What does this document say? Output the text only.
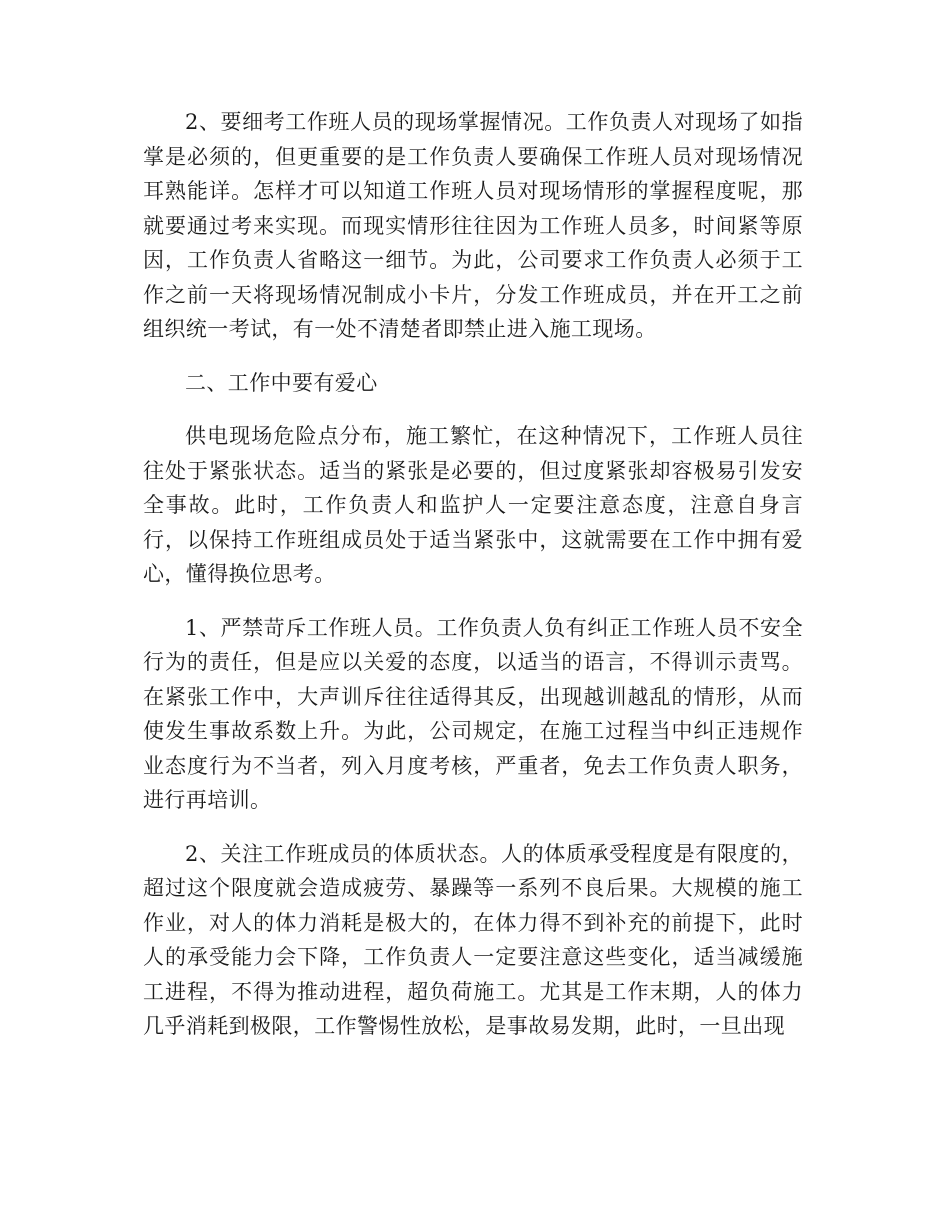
2、要细考工作班人员的现场掌握情况。工作负责人对现场了如指掌是必须的，但更重要的是工作负责人要确保工作班人员对现场情况耳熟能详。怎样才可以知道工作班人员对现场情形的掌握程度呢，那就要通过考来实现。而现实情形往往因为工作班人员多，时间紧等原因，工作负责人省略这一细节。为此，公司要求工作负责人必须于工作之前一天将现场情况制成小卡片，分发工作班成员，并在开工之前组织统一考试，有一处不清楚者即禁止进入施工现场。

二、工作中要有爱心

供电现场危险点分布，施工繁忙，在这种情况下，工作班人员往往处于紧张状态。适当的紧张是必要的，但过度紧张却容极易引发安全事故。此时，工作负责人和监护人一定要注意态度，注意自身言行，以保持工作班组成员处于适当紧张中，这就需要在工作中拥有爱心，懂得换位思考。

1、严禁苛斥工作班人员。工作负责人负有纠正工作班人员不安全行为的责任，但是应以关爱的态度，以适当的语言，不得训示责骂。在紧张工作中，大声训斥往往适得其反，出现越训越乱的情形，从而使发生事故系数上升。为此，公司规定，在施工过程当中纠正违规作业态度行为不当者，列入月度考核，严重者，免去工作负责人职务，进行再培训。

2、关注工作班成员的体质状态。人的体质承受程度是有限度的，超过这个限度就会造成疲劳、暴躁等一系列不良后果。大规模的施工作业，对人的体力消耗是极大的，在体力得不到补充的前提下，此时人的承受能力会下降，工作负责人一定要注意这些变化，适当减缓施工进程，不得为推动进程，超负荷施工。尤其是工作末期，人的体力几乎消耗到极限，工作警惕性放松，是事故易发期，此时，一旦出现
